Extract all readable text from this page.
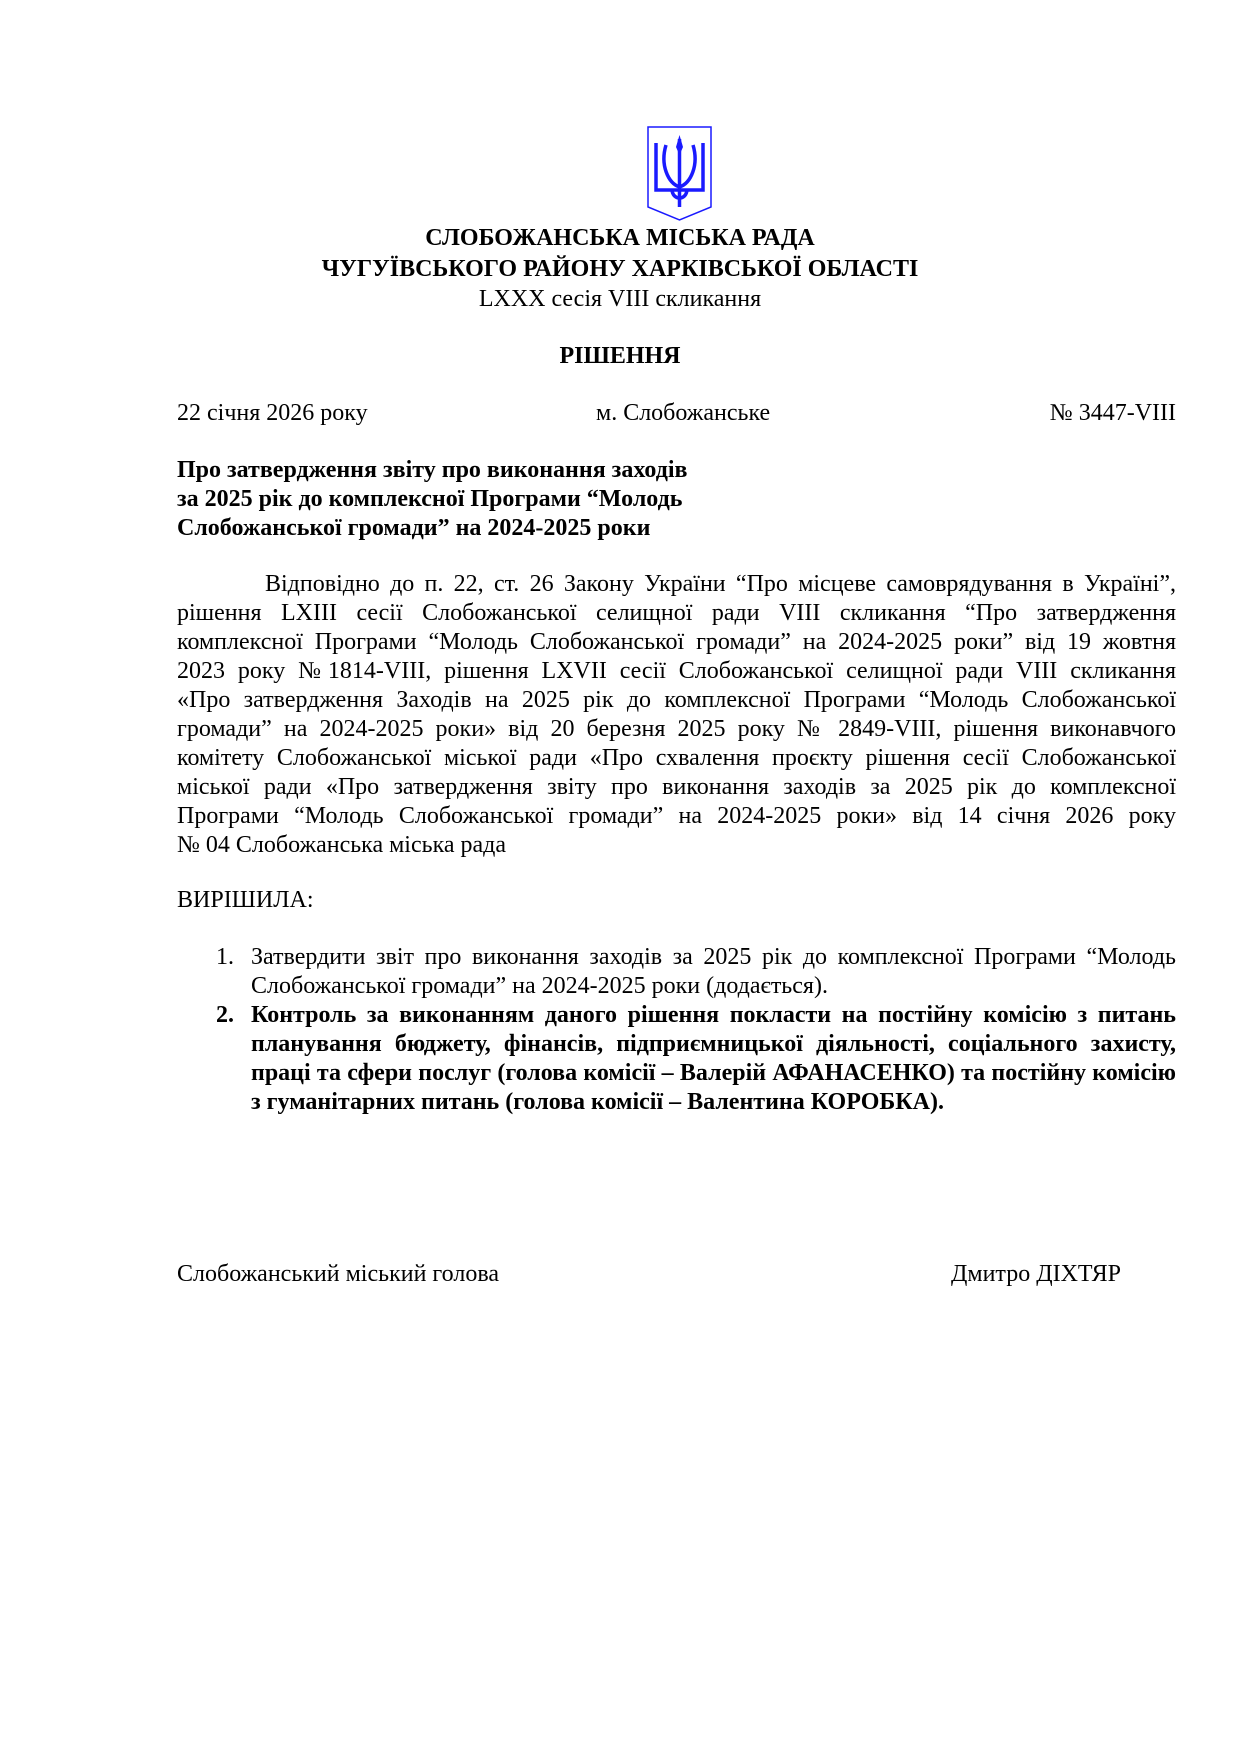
СЛОБОЖАНСЬКА МІСЬКА РАДА
ЧУГУЇВСЬКОГО РАЙОНУ ХАРКІВСЬКОЇ ОБЛАСТІ
LXXX сесія VIII скликання
РІШЕННЯ
22 січня 2026 року	м. Слобожанське	№ 3447-VIII
Про затвердження звіту про виконання заходів
за 2025 рік до комплексної Програми “Молодь
Слобожанської громади” на 2024-2025 роки
Відповідно до п. 22, ст. 26 Закону України “Про місцеве самоврядування в Україні”,
рішення LXIII сесії Слобожанської селищної ради VIII скликання “Про затвердження
комплексної Програми “Молодь Слобожанської громади” на 2024-2025 роки” від 19 жовтня
2023 року №1814-VIII, рішення LXVII сесії Слобожанської селищної ради VIII скликання
«Про затвердження Заходів на 2025 рік до комплексної Програми “Молодь Слобожанської
громади” на 2024-2025 роки» від 20 березня 2025 року № 2849-VIII, рішення виконавчого
комітету Слобожанської міської ради «Про схвалення проєкту рішення сесії Слобожанської
міської ради «Про затвердження звіту про виконання заходів за 2025 рік до комплексної
Програми “Молодь Слобожанської громади” на 2024-2025 роки» від 14 січня 2026 року
№ 04 Слобожанська міська рада
ВИРІШИЛА:
1. Затвердити звіт про виконання заходів за 2025 рік до комплексної Програми “Молодь
Слобожанської громади” на 2024-2025 роки (додається).
2. Контроль за виконанням даного рішення покласти на постійну комісію з питань
планування бюджету, фінансів, підприємницької діяльності, соціального захисту,
праці та сфери послуг (голова комісії – Валерій АФАНАСЕНКО) та постійну комісію
з гуманітарних питань (голова комісії – Валентина КОРОБКА).
Слобожанський міський голова	Дмитро ДІХТЯР
